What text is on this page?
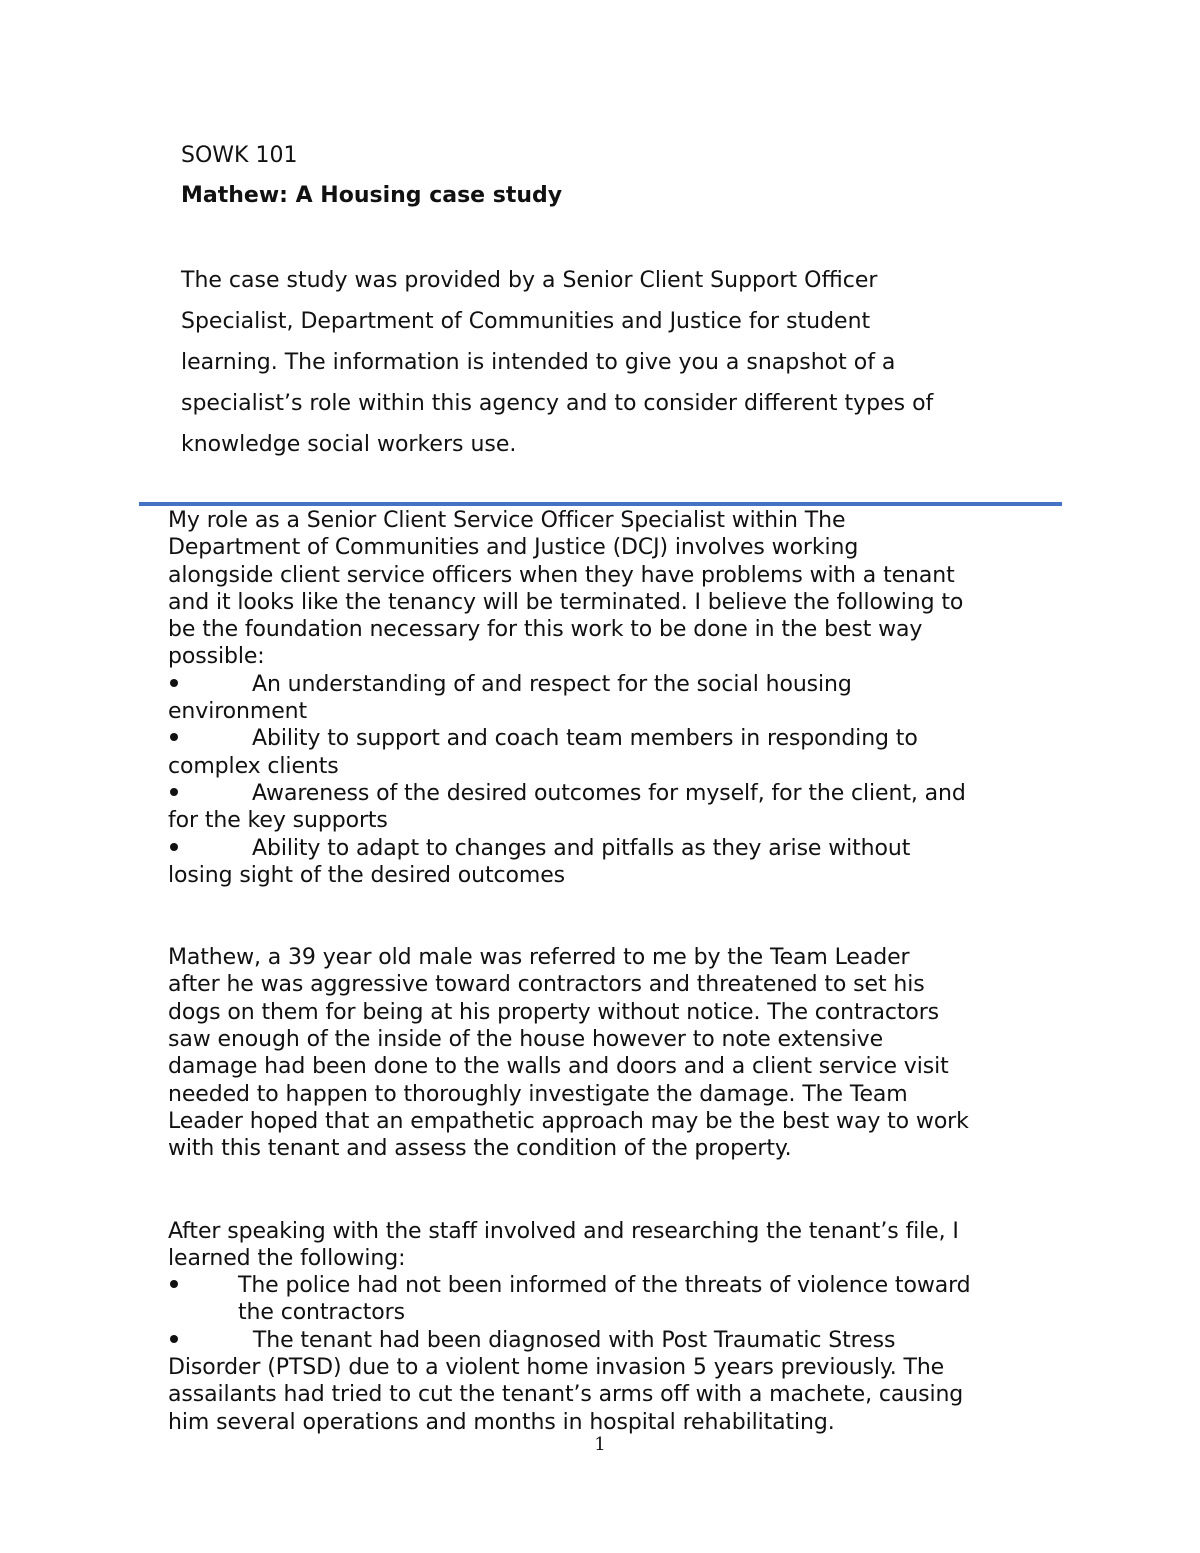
SOWK 101
Mathew: A Housing case study

The case study was provided by a Senior Client Support Officer
Specialist, Department of Communities and Justice for student
learning. The information is intended to give you a snapshot of a
specialist’s role within this agency and to consider different types of
knowledge social workers use.

My role as a Senior Client Service Officer Specialist within The
Department of Communities and Justice (DCJ) involves working
alongside client service officers when they have problems with a tenant
and it looks like the tenancy will be terminated. I believe the following to
be the foundation necessary for this work to be done in the best way
possible:

An understanding of and respect for the social housing
environment
Ability to support and coach team members in responding to
complex clients
Awareness of the desired outcomes for myself, for the client, and
for the key supports
Ability to adapt to changes and pitfalls as they arise without
losing sight of the desired outcomes

Mathew, a 39 year old male was referred to me by the Team Leader
after he was aggressive toward contractors and threatened to set his
dogs on them for being at his property without notice. The contractors
saw enough of the inside of the house however to note extensive
damage had been done to the walls and doors and a client service visit
needed to happen to thoroughly investigate the damage. The Team
Leader hoped that an empathetic approach may be the best way to work
with this tenant and assess the condition of the property.

After speaking with the staff involved and researching the tenant’s file, I
learned the following:

The police had not been informed of the threats of violence toward
the contractors
The tenant had been diagnosed with Post Traumatic Stress
Disorder (PTSD) due to a violent home invasion 5 years previously. The
assailants had tried to cut the tenant’s arms off with a machete, causing
him several operations and months in hospital rehabilitating.
1
